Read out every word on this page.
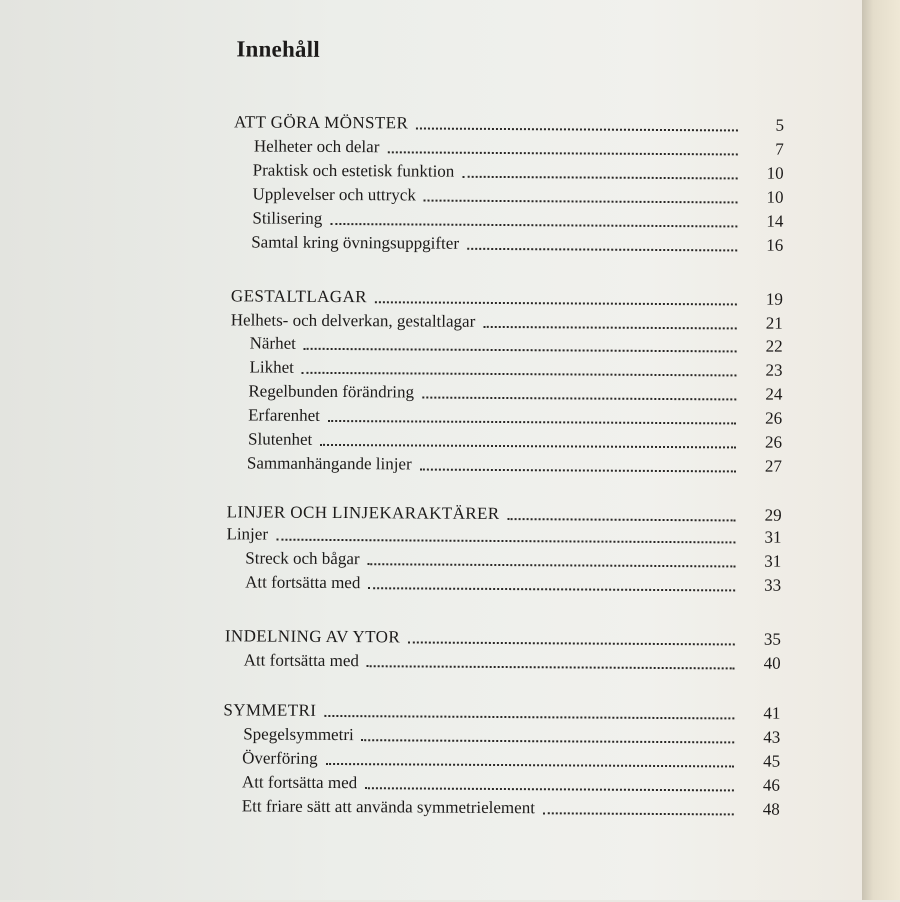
Innehåll
ATT GÖRA MÖNSTER	5
Helheter och delar	7
Praktisk och estetisk funktion	10
Upplevelser och uttryck	10
Stilisering	14
Samtal kring övningsuppgifter	16
GESTALTLAGAR	19
Helhets- och delverkan, gestaltlagar	21
Närhet	22
Likhet	23
Regelbunden förändring	24
Erfarenhet	26
Slutenhet	26
Sammanhängande linjer	27
LINJER OCH LINJEKARAKTÄRER	29
Linjer	31
Streck och bågar	31
Att fortsätta med	33
INDELNING AV YTOR	35
Att fortsätta med	40
SYMMETRI	41
Spegelsymmetri	43
Överföring	45
Att fortsätta med	46
Ett friare sätt att använda symmetrielement	48
